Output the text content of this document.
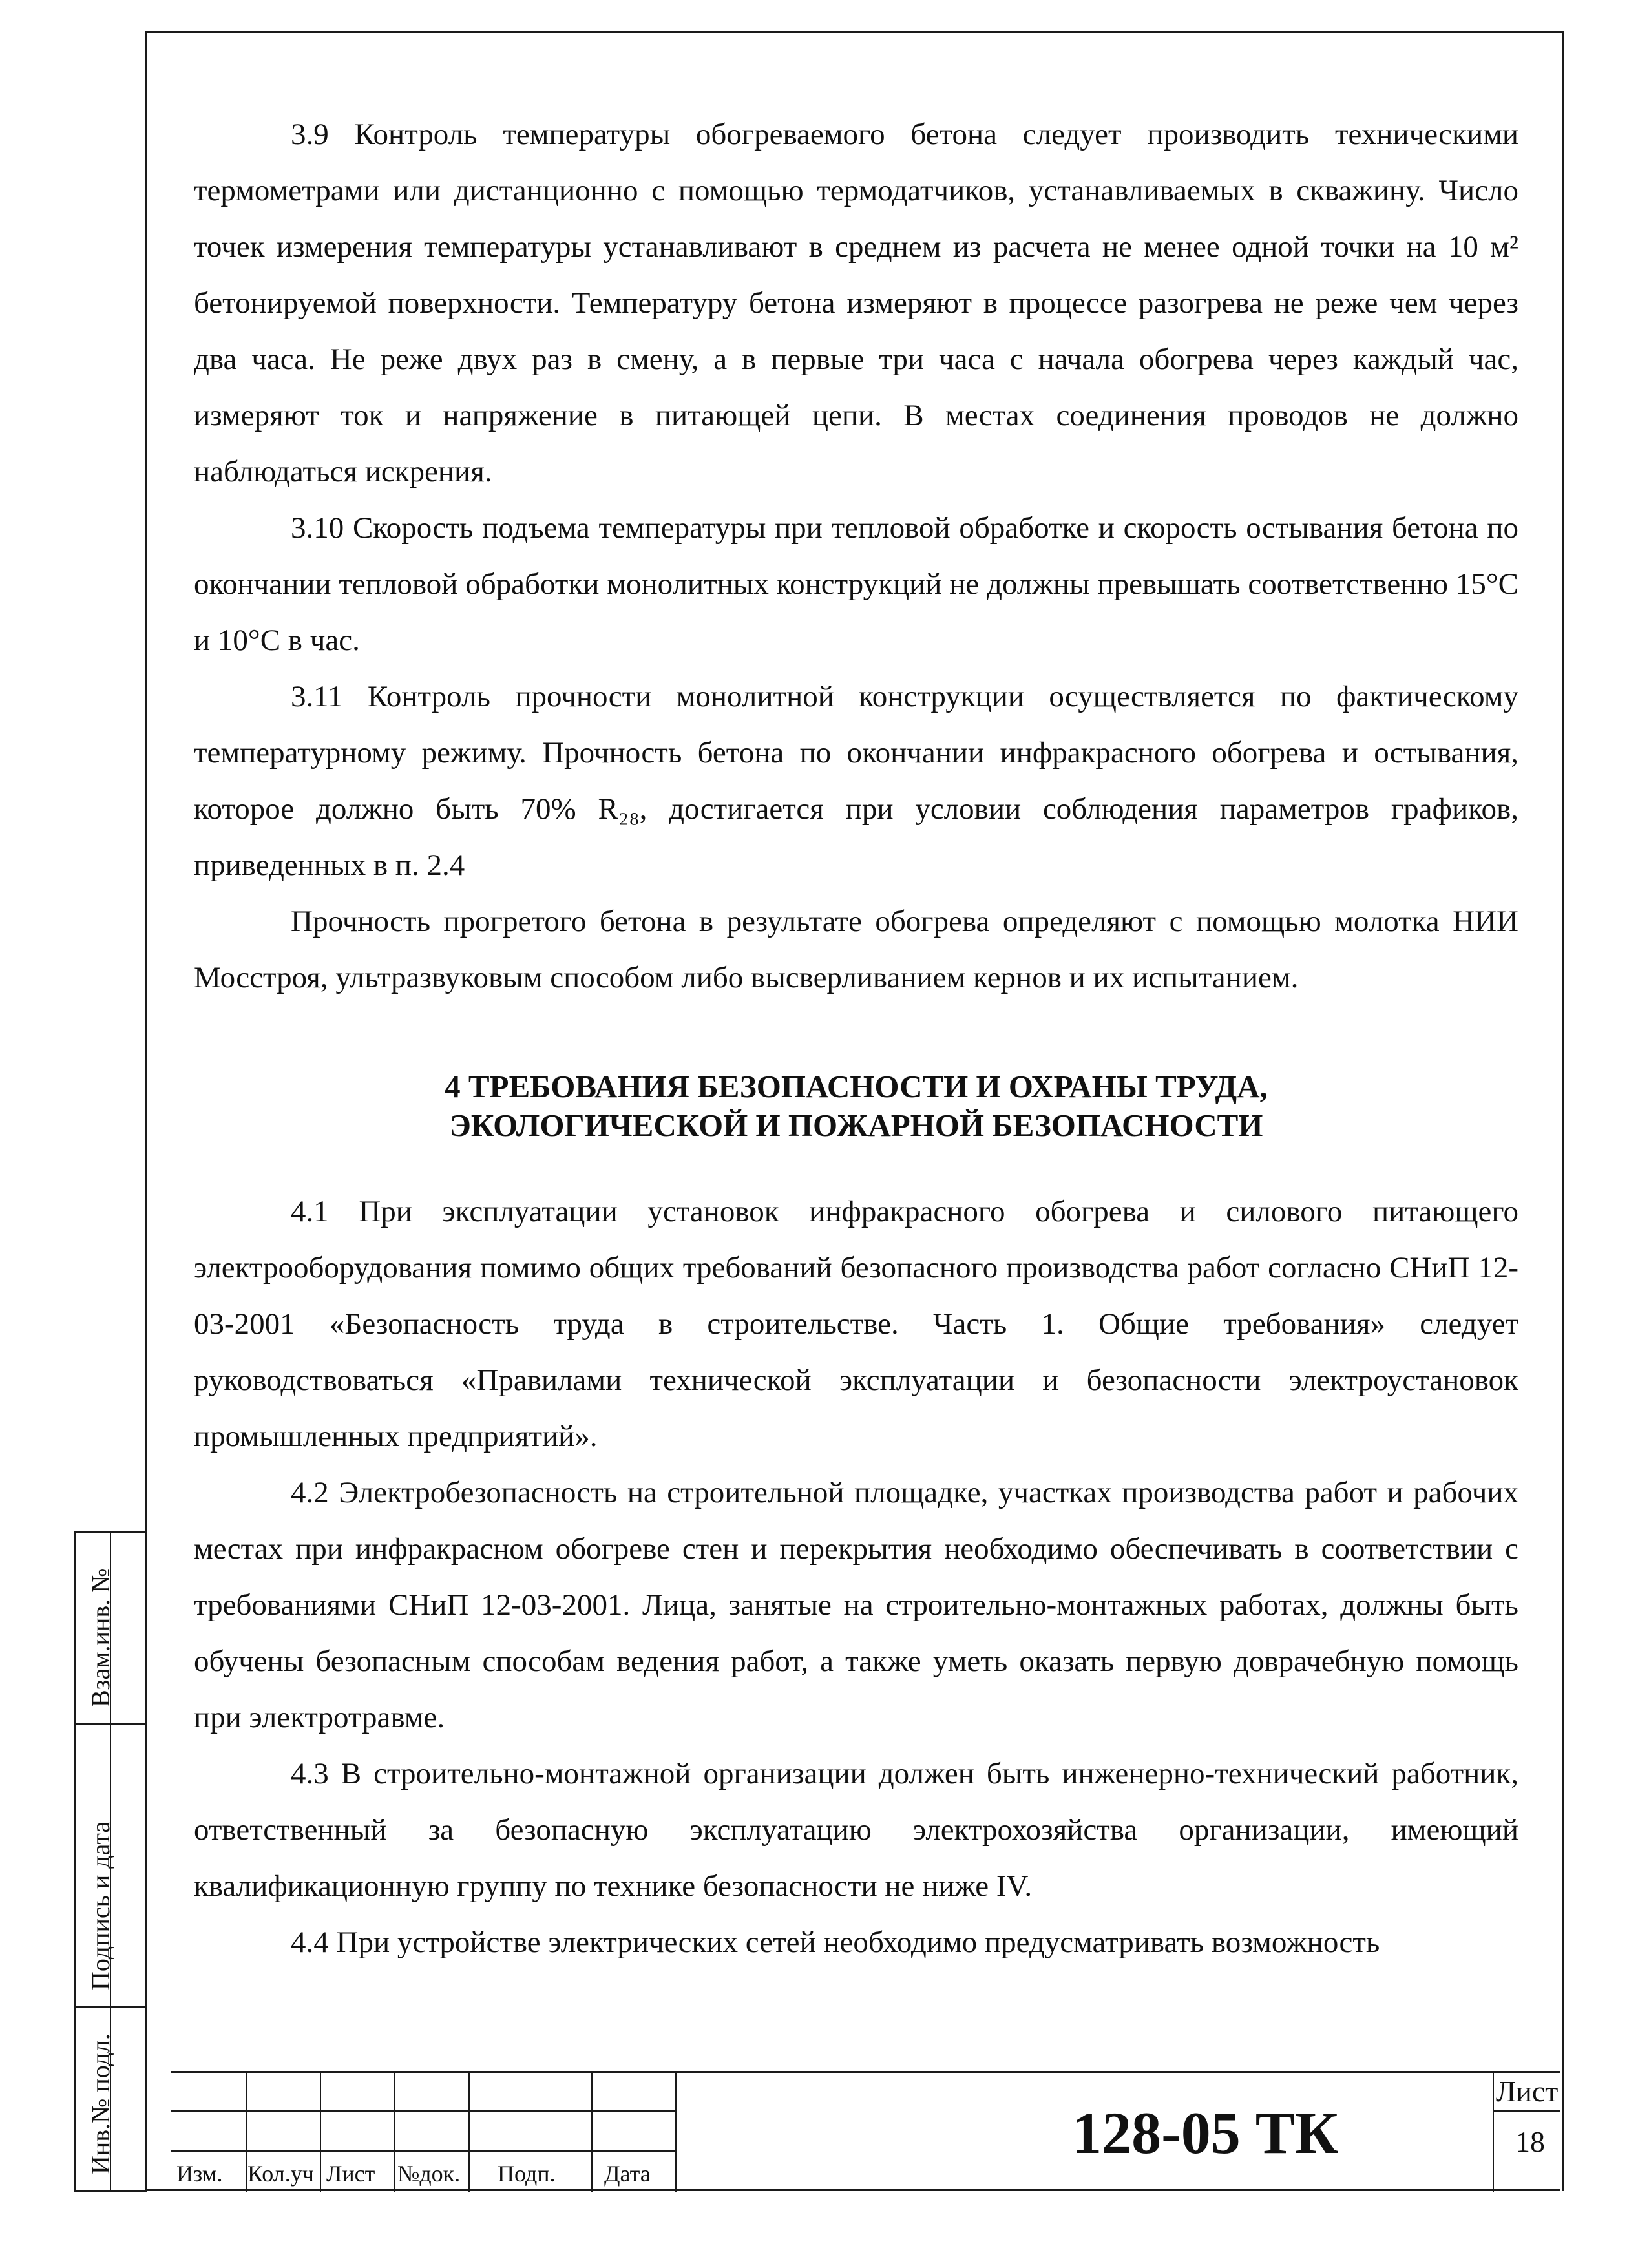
3.9 Контроль температуры обогреваемого бетона следует производить техническими термометрами или дистанционно с помощью термодатчиков, устанавливаемых в скважину. Число точек измерения температуры устанавливают в среднем из расчета не менее одной точки на 10 м² бетонируемой поверхности. Температуру бетона измеряют в процессе разогрева не реже чем через два часа. Не реже двух раз в смену, а в первые три часа с начала обогрева через каждый час, измеряют ток и напряжение в питающей цепи. В местах соединения проводов не должно наблюдаться искрения.

3.10 Скорость подъема температуры при тепловой обработке и скорость остывания бетона по окончании тепловой обработки монолитных конструкций не должны превышать соответственно 15°С и 10°С в час.

3.11 Контроль прочности монолитной конструкции осуществляется по фактическому температурному режиму. Прочность бетона по окончании инфракрасного обогрева и остывания, которое должно быть 70% R₂₈, достигается при условии соблюдения параметров графиков, приведенных в п. 2.4

Прочность прогретого бетона в результате обогрева определяют с помощью молотка НИИ Мосстроя, ультразвуковым способом либо высверливанием кернов и их испытанием.

4 ТРЕБОВАНИЯ БЕЗОПАСНОСТИ И ОХРАНЫ ТРУДА,
ЭКОЛОГИЧЕСКОЙ И ПОЖАРНОЙ БЕЗОПАСНОСТИ

4.1 При эксплуатации установок инфракрасного обогрева и силового питающего электрооборудования помимо общих требований безопасного производства работ согласно СНиП 12-03-2001 «Безопасность труда в строительстве. Часть 1. Общие требования» следует руководствоваться «Правилами технической эксплуатации и безопасности электроустановок промышленных предприятий».

4.2 Электробезопасность на строительной площадке, участках производства работ и рабочих местах при инфракрасном обогреве стен и перекрытия необходимо обеспечивать в соответствии с требованиями СНиП 12-03-2001. Лица, занятые на строительно-монтажных работах, должны быть обучены безопасным способам ведения работ, а также уметь оказать первую доврачебную помощь при электротравме.

4.3 В строительно-монтажной организации должен быть инженерно-технический работник, ответственный за безопасную эксплуатацию электрохозяйства организации, имеющий квалификационную группу по технике безопасности не ниже IV.

4.4 При устройстве электрических сетей необходимо предусматривать возможность

Взам.инв. №
Подпись и дата
Инв.№ подл.	Изм. Кол.уч Лист №док. Подп. Дата
128-05 ТК
Лист
18
